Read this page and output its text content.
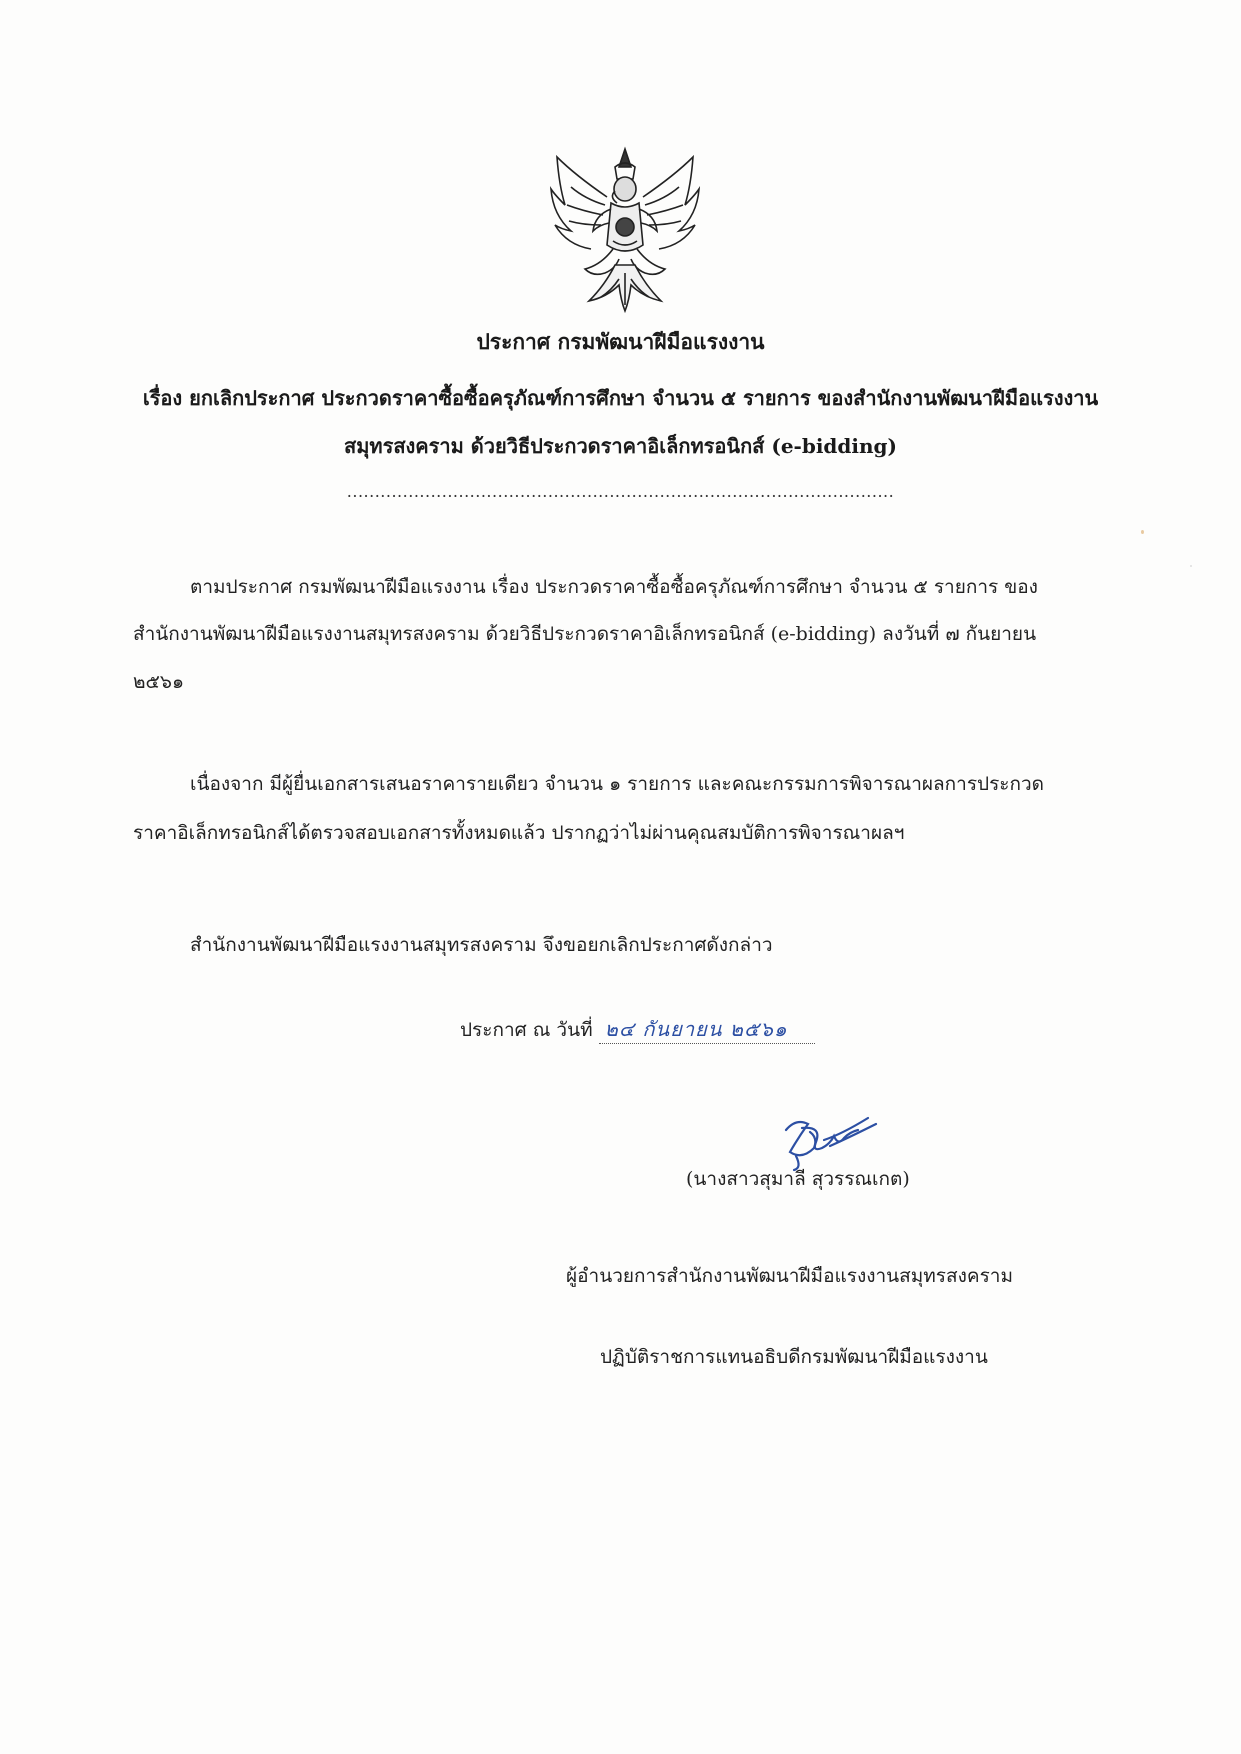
ประกาศ กรมพัฒนาฝีมือแรงงาน
เรื่อง ยกเลิกประกาศ ประกวดราคาซื้อซื้อครุภัณฑ์การศึกษา จำนวน ๕ รายการ ของสำนักงานพัฒนาฝีมือแรงงาน
สมุทรสงคราม ด้วยวิธีประกวดราคาอิเล็กทรอนิกส์ (e-bidding)
..................................................................................................
ตามประกาศ กรมพัฒนาฝีมือแรงงาน เรื่อง ประกวดราคาซื้อซื้อครุภัณฑ์การศึกษา จำนวน ๕ รายการ ของ
สำนักงานพัฒนาฝีมือแรงงานสมุทรสงคราม ด้วยวิธีประกวดราคาอิเล็กทรอนิกส์ (e-bidding) ลงวันที่ ๗ กันยายน
๒๕๖๑
เนื่องจาก มีผู้ยื่นเอกสารเสนอราคารายเดียว จำนวน ๑ รายการ และคณะกรรมการพิจารณาผลการประกวด
ราคาอิเล็กทรอนิกส์ได้ตรวจสอบเอกสารทั้งหมดแล้ว ปรากฏว่าไม่ผ่านคุณสมบัติการพิจารณาผลฯ
สำนักงานพัฒนาฝีมือแรงงานสมุทรสงคราม จึงขอยกเลิกประกาศดังกล่าว
ประกาศ ณ วันที่ ๒๔ กันยายน ๒๕๖๑
(นางสาวสุมาลี สุวรรณเกต)
ผู้อำนวยการสำนักงานพัฒนาฝีมือแรงงานสมุทรสงคราม
ปฏิบัติราชการแทนอธิบดีกรมพัฒนาฝีมือแรงงาน
